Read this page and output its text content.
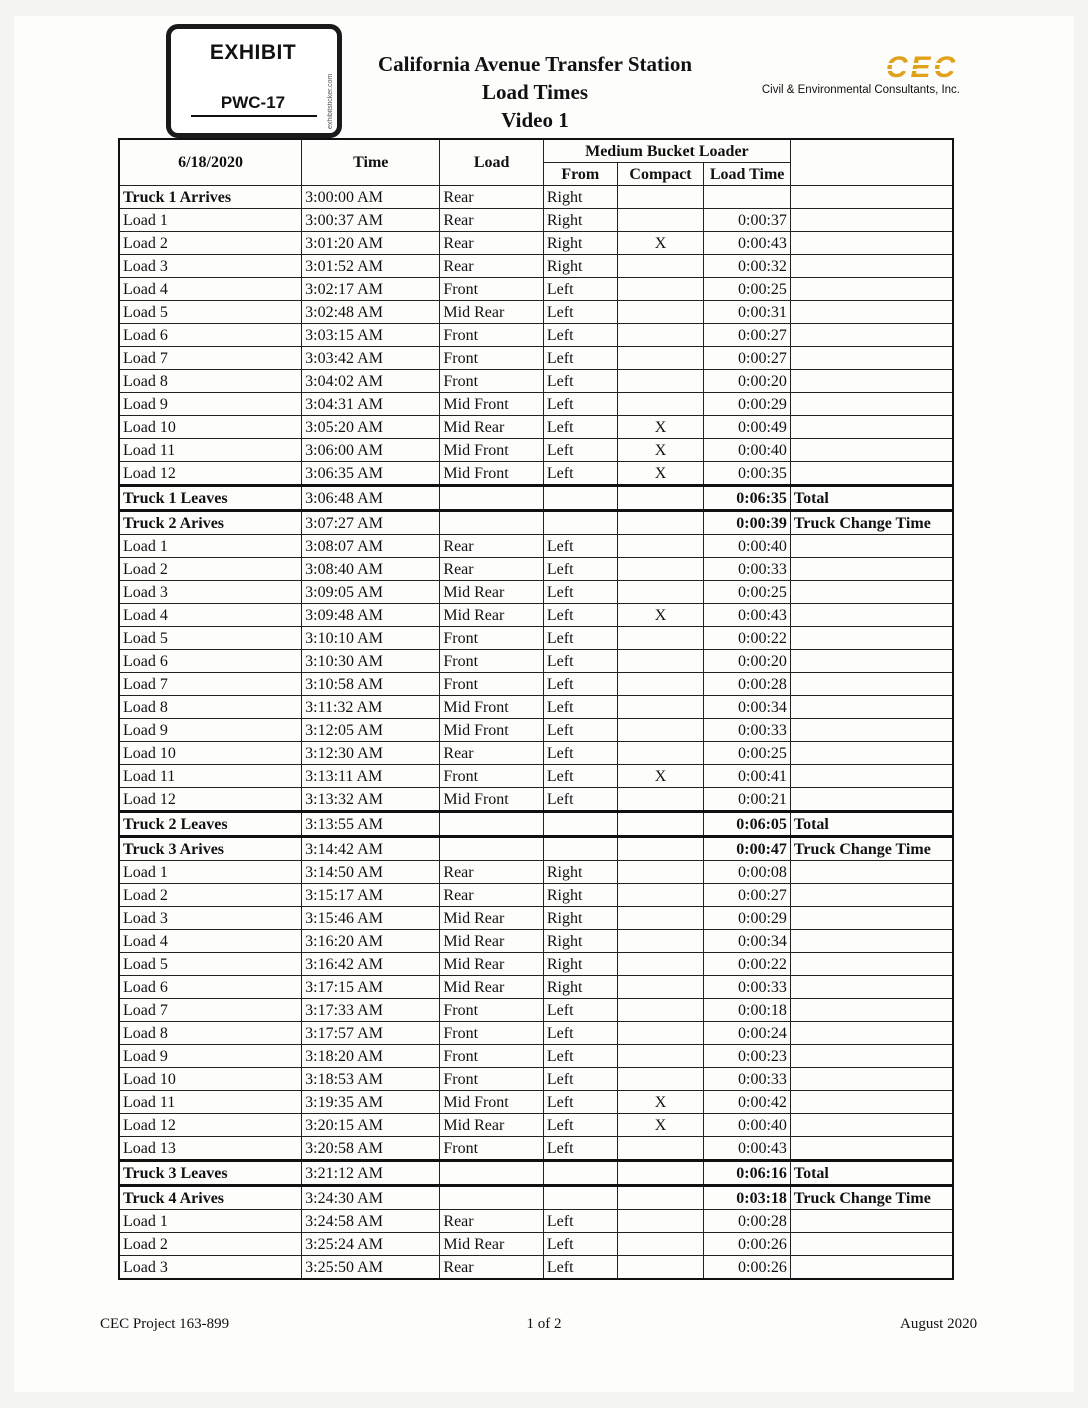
EXHIBIT
PWC-17	exhibitsticker.com
California Avenue Transfer Station
Load Times
Video 1
CEC
Civil & Environmental Consultants, Inc.
6/18/2020	Time	Load	Medium Bucket Loader			
			From	Compact	Load Time	
Truck 1 Arrives	3:00:00 AM	Rear	Right			
Load 1	3:00:37 AM	Rear	Right		0:00:37	
Load 2	3:01:20 AM	Rear	Right	X	0:00:43	
Load 3	3:01:52 AM	Rear	Right		0:00:32	
Load 4	3:02:17 AM	Front	Left		0:00:25	
Load 5	3:02:48 AM	Mid Rear	Left		0:00:31	
Load 6	3:03:15 AM	Front	Left		0:00:27	
Load 7	3:03:42 AM	Front	Left		0:00:27	
Load 8	3:04:02 AM	Front	Left		0:00:20	
Load 9	3:04:31 AM	Mid Front	Left		0:00:29	
Load 10	3:05:20 AM	Mid Rear	Left	X	0:00:49	
Load 11	3:06:00 AM	Mid Front	Left	X	0:00:40	
Load 12	3:06:35 AM	Mid Front	Left	X	0:00:35	
Truck 1 Leaves	3:06:48 AM				0:06:35	Total
Truck 2 Arives	3:07:27 AM				0:00:39	Truck Change Time
Load 1	3:08:07 AM	Rear	Left		0:00:40	
Load 2	3:08:40 AM	Rear	Left		0:00:33	
Load 3	3:09:05 AM	Mid Rear	Left		0:00:25	
Load 4	3:09:48 AM	Mid Rear	Left	X	0:00:43	
Load 5	3:10:10 AM	Front	Left		0:00:22	
Load 6	3:10:30 AM	Front	Left		0:00:20	
Load 7	3:10:58 AM	Front	Left		0:00:28	
Load 8	3:11:32 AM	Mid Front	Left		0:00:34	
Load 9	3:12:05 AM	Mid Front	Left		0:00:33	
Load 10	3:12:30 AM	Rear	Left		0:00:25	
Load 11	3:13:11 AM	Front	Left	X	0:00:41	
Load 12	3:13:32 AM	Mid Front	Left		0:00:21	
Truck 2 Leaves	3:13:55 AM				0:06:05	Total
Truck 3 Arives	3:14:42 AM				0:00:47	Truck Change Time
Load 1	3:14:50 AM	Rear	Right		0:00:08	
Load 2	3:15:17 AM	Rear	Right		0:00:27	
Load 3	3:15:46 AM	Mid Rear	Right		0:00:29	
Load 4	3:16:20 AM	Mid Rear	Right		0:00:34	
Load 5	3:16:42 AM	Mid Rear	Right		0:00:22	
Load 6	3:17:15 AM	Mid Rear	Right		0:00:33	
Load 7	3:17:33 AM	Front	Left		0:00:18	
Load 8	3:17:57 AM	Front	Left		0:00:24	
Load 9	3:18:20 AM	Front	Left		0:00:23	
Load 10	3:18:53 AM	Front	Left		0:00:33	
Load 11	3:19:35 AM	Mid Front	Left	X	0:00:42	
Load 12	3:20:15 AM	Mid Rear	Left	X	0:00:40	
Load 13	3:20:58 AM	Front	Left		0:00:43	
Truck 3 Leaves	3:21:12 AM				0:06:16	Total
Truck 4 Arives	3:24:30 AM				0:03:18	Truck Change Time
Load 1	3:24:58 AM	Rear	Left		0:00:28	
Load 2	3:25:24 AM	Mid Rear	Left		0:00:26	
Load 3	3:25:50 AM	Rear	Left		0:00:26	
CEC Project 163-899	1 of 2	August 2020
